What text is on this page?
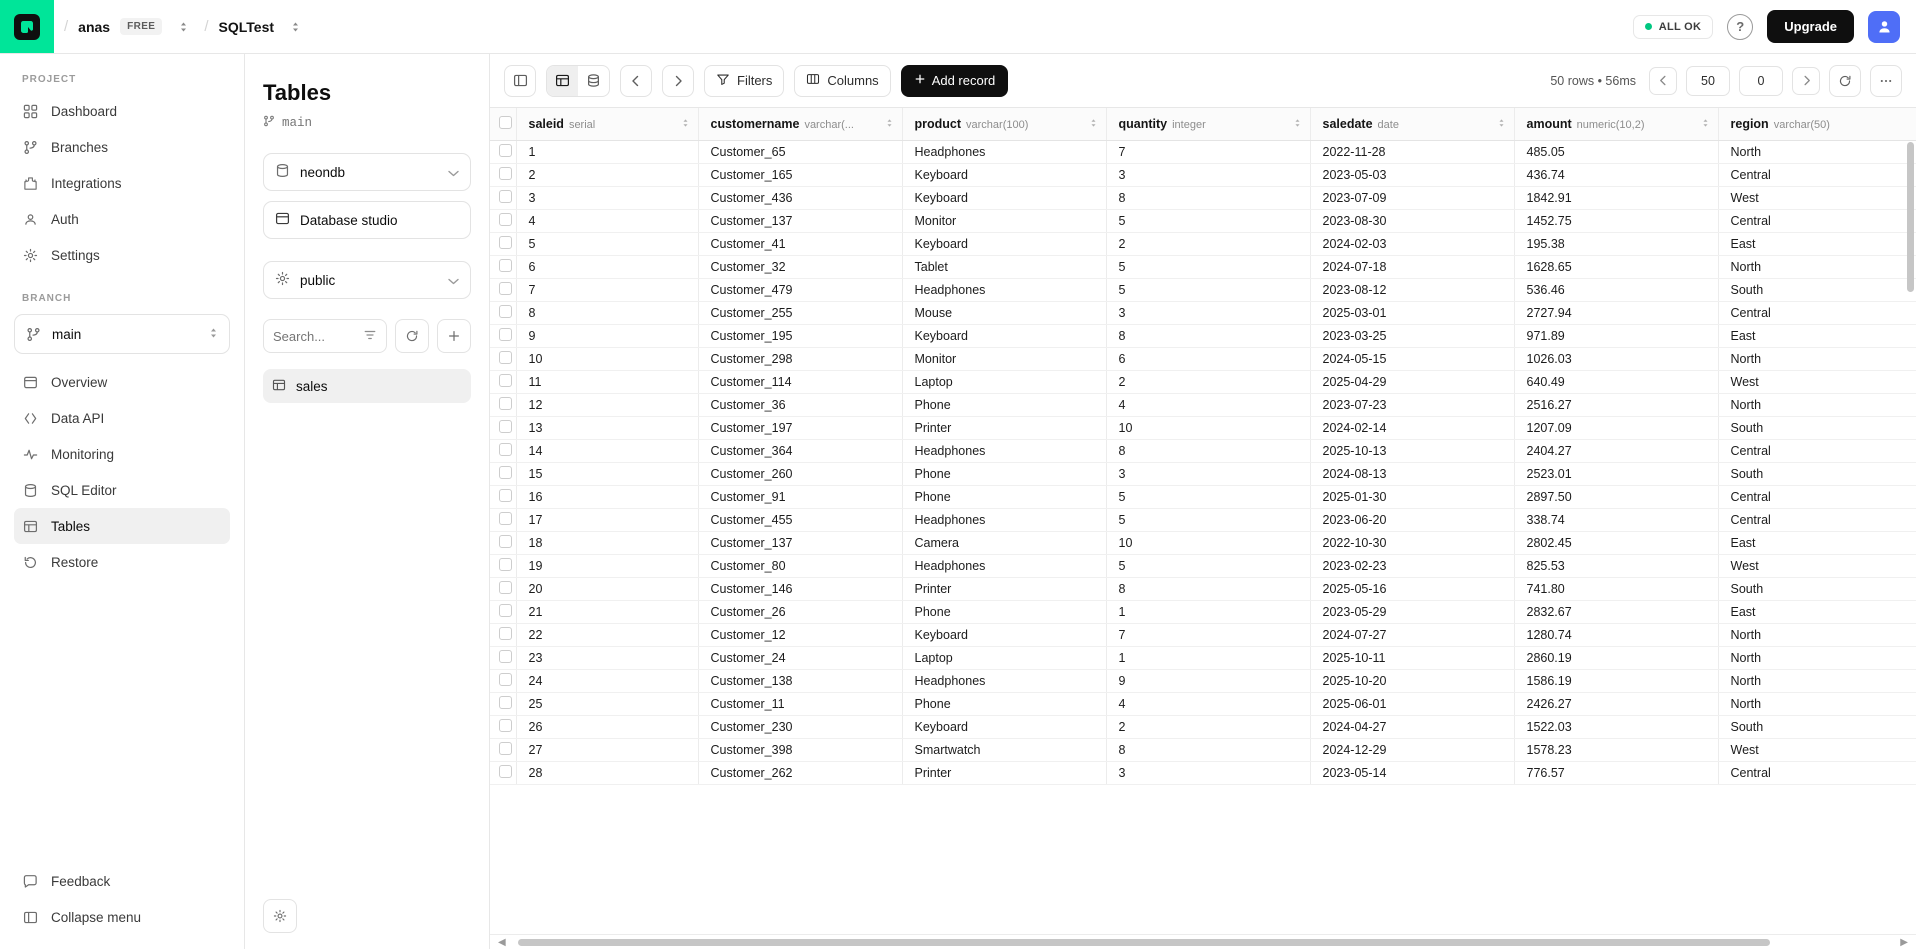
/ anas	FREE	/ SQLTest	ALL OK	?	Upgrade
PROJECT
Dashboard
Branches
Integrations
Auth
Settings
BRANCH
main
Overview
Data API
Monitoring
SQL Editor
Tables
Restore
Feedback
Collapse menu
Tables
main
neondb
Database studio
public
Search...
sales
Filters	Columns	Add record	50 rows • 56ms	50	0
	saleid serial	customername varchar(...	product varchar(100)	quantity integer	saledate date	amount numeric(10,2)	region varchar(50)
	1	Customer_65	Headphones	7	2022-11-28	485.05	North
	2	Customer_165	Keyboard	3	2023-05-03	436.74	Central
	3	Customer_436	Keyboard	8	2023-07-09	1842.91	West
	4	Customer_137	Monitor	5	2023-08-30	1452.75	Central
	5	Customer_41	Keyboard	2	2024-02-03	195.38	East
	6	Customer_32	Tablet	5	2024-07-18	1628.65	North
	7	Customer_479	Headphones	5	2023-08-12	536.46	South
	8	Customer_255	Mouse	3	2025-03-01	2727.94	Central
	9	Customer_195	Keyboard	8	2023-03-25	971.89	East
	10	Customer_298	Monitor	6	2024-05-15	1026.03	North
	11	Customer_114	Laptop	2	2025-04-29	640.49	West
	12	Customer_36	Phone	4	2023-07-23	2516.27	North
	13	Customer_197	Printer	10	2024-02-14	1207.09	South
	14	Customer_364	Headphones	8	2025-10-13	2404.27	Central
	15	Customer_260	Phone	3	2024-08-13	2523.01	South
	16	Customer_91	Phone	5	2025-01-30	2897.50	Central
	17	Customer_455	Headphones	5	2023-06-20	338.74	Central
	18	Customer_137	Camera	10	2022-10-30	2802.45	East
	19	Customer_80	Headphones	5	2023-02-23	825.53	West
	20	Customer_146	Printer	8	2025-05-16	741.80	South
	21	Customer_26	Phone	1	2023-05-29	2832.67	East
	22	Customer_12	Keyboard	7	2024-07-27	1280.74	North
	23	Customer_24	Laptop	1	2025-10-11	2860.19	North
	24	Customer_138	Headphones	9	2025-10-20	1586.19	North
	25	Customer_11	Phone	4	2025-06-01	2426.27	North
	26	Customer_230	Keyboard	2	2024-04-27	1522.03	South
	27	Customer_398	Smartwatch	8	2024-12-29	1578.23	West
	28	Customer_262	Printer	3	2023-05-14	776.57	Central
◀	▶
